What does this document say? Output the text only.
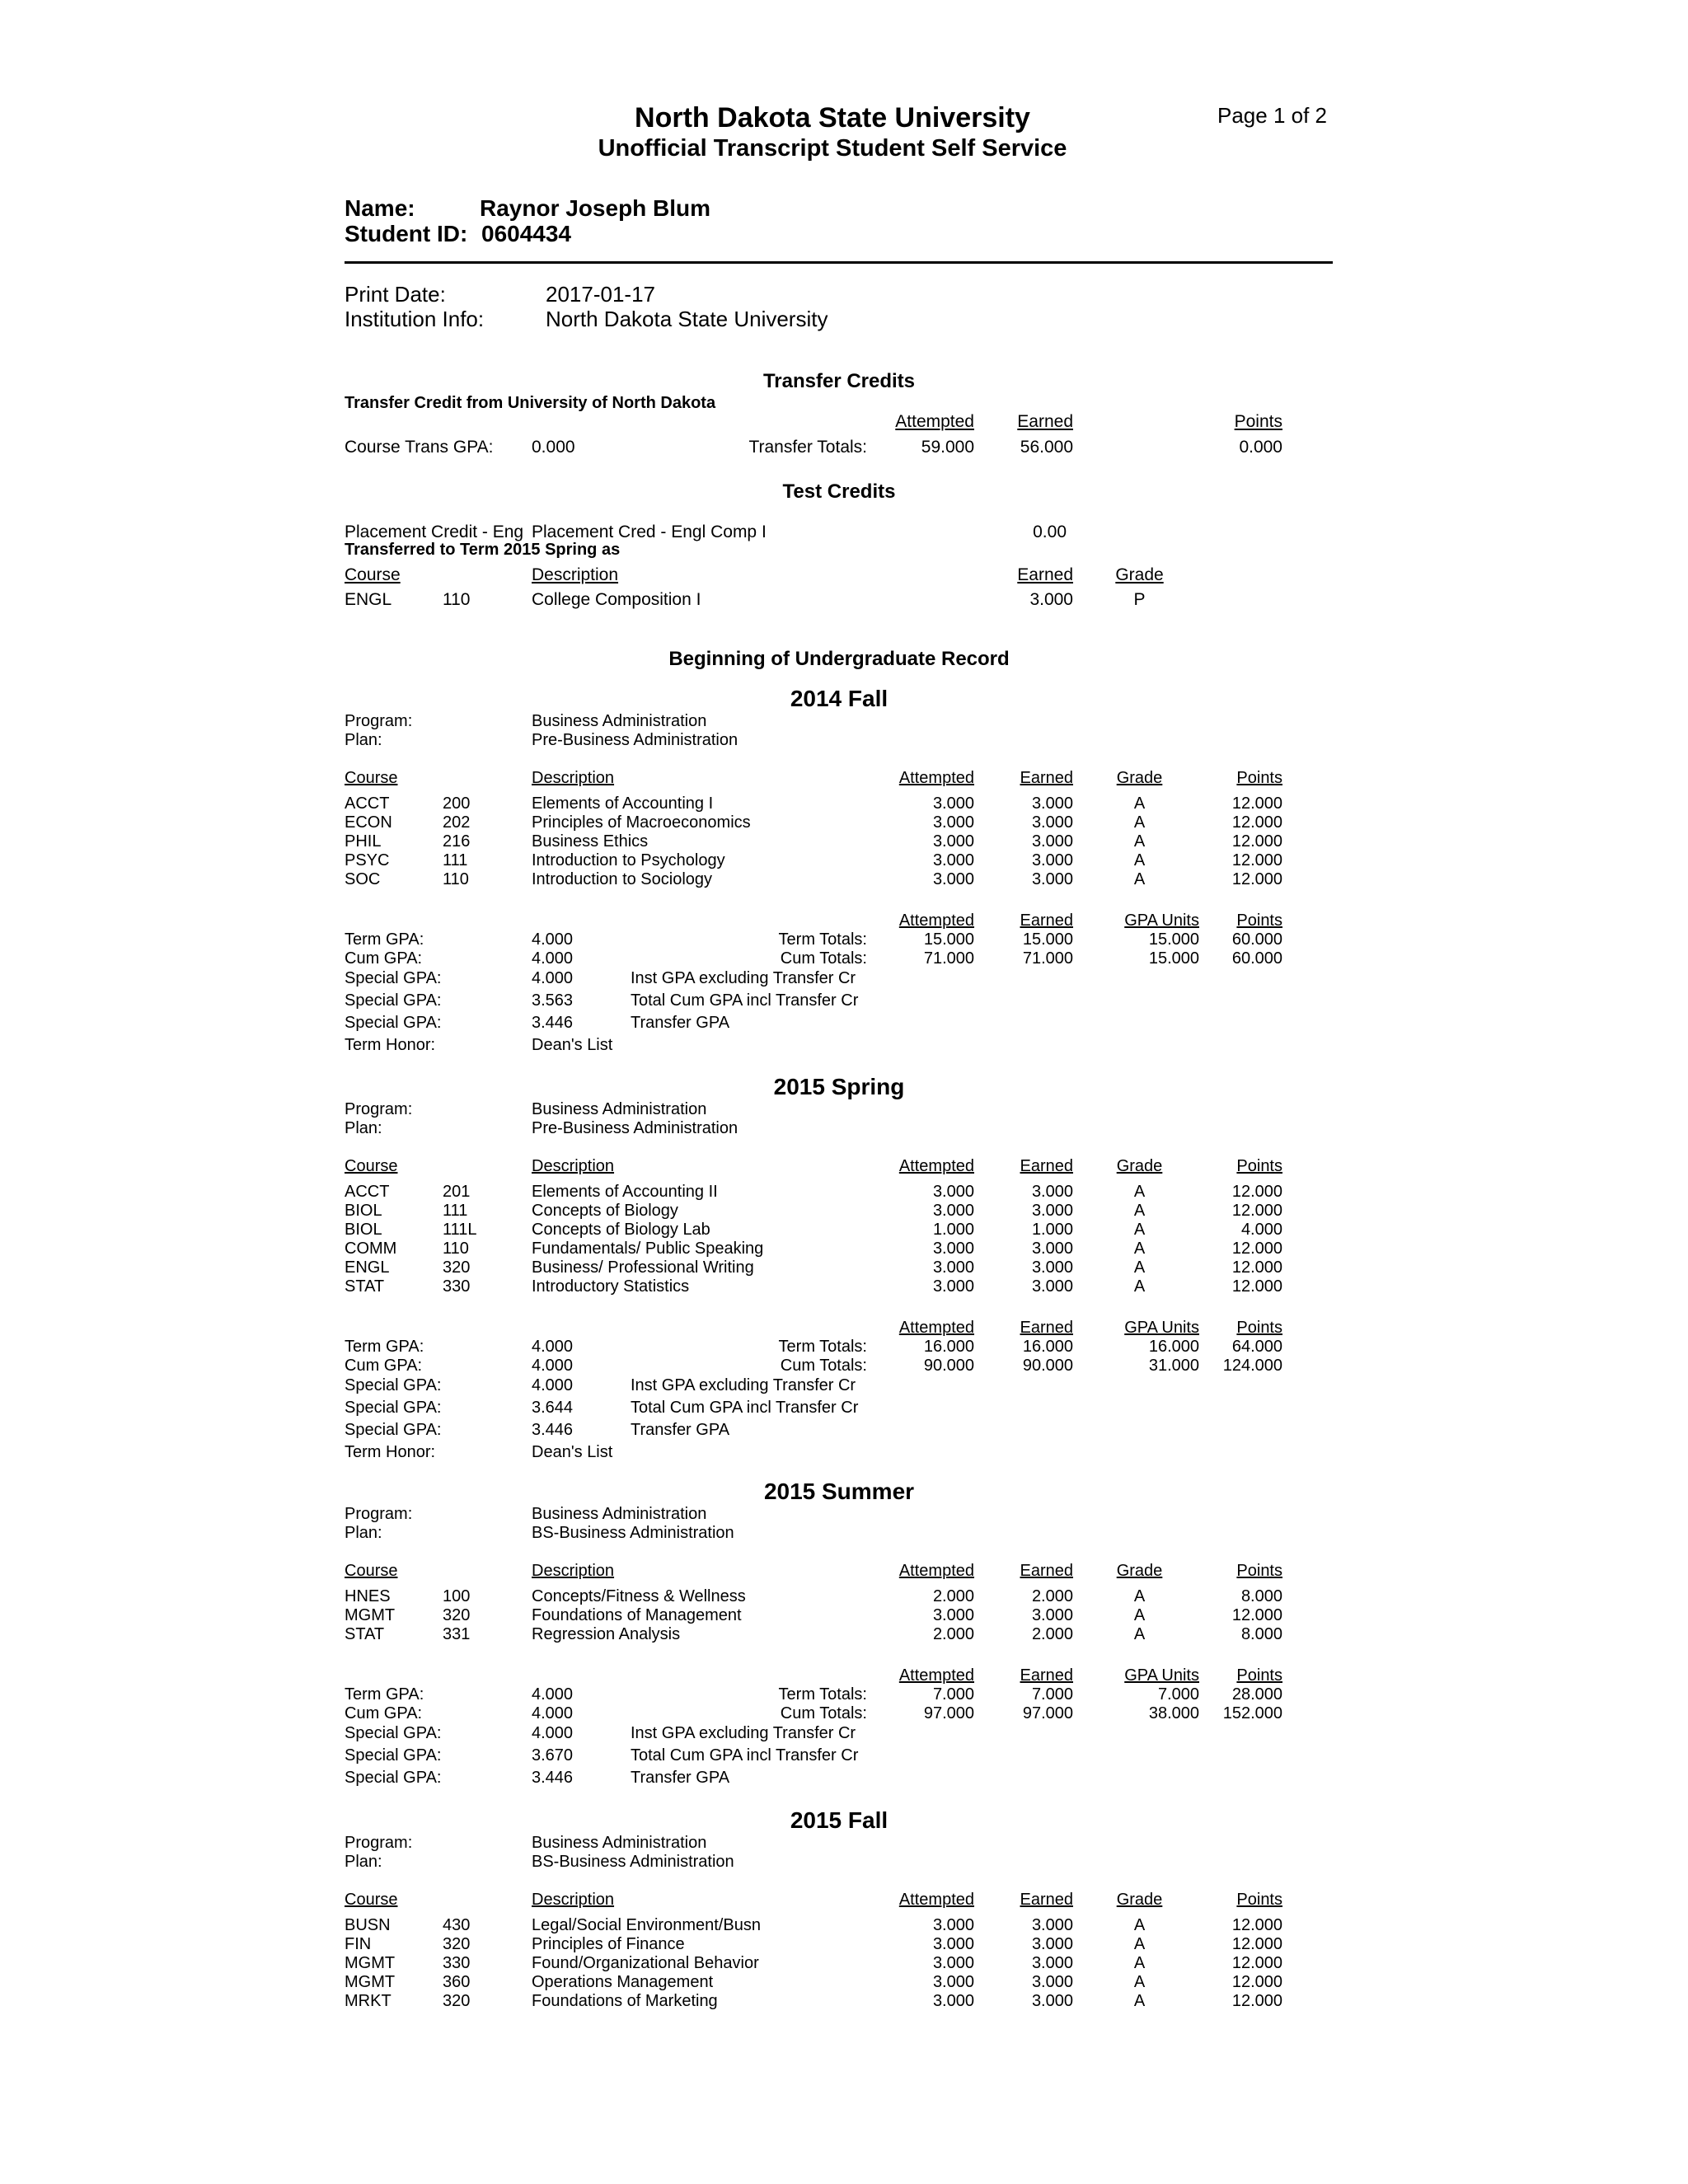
North Dakota State University
Unofficial Transcript Student Self Service
Page 1 of 2
Name:	Raynor Joseph Blum
Student ID: 0604434
Print Date:	2017-01-17
Institution Info:	North Dakota State University
Transfer Credits
Transfer Credit from University of North Dakota
Attempted	Earned	Points
Course Trans GPA: 0.000	Transfer Totals:	59.000	56.000	0.000
Test Credits
Placement Credit - Eng Placement Cred - Engl Comp I	0.00
Transferred to Term 2015 Spring as
Course	Description	Earned	Grade
ENGL	110	College Composition I	3.000	P
Beginning of Undergraduate Record
2014 Fall
Program:	Business Administration
Plan:	Pre-Business Administration
Course	Description	Attempted	Earned	Grade	Points
ACCT	200	Elements of Accounting I	3.000	3.000	A	12.000
ECON	202	Principles of Macroeconomics	3.000	3.000	A	12.000
PHIL	216	Business Ethics	3.000	3.000	A	12.000
PSYC	111	Introduction to Psychology	3.000	3.000	A	12.000
SOC	110	Introduction to Sociology	3.000	3.000	A	12.000
Attempted	Earned	GPA Units	Points
Term GPA:	4.000	Term Totals:	15.000	15.000	15.000	60.000
Cum GPA:	4.000	Cum Totals:	71.000	71.000	15.000	60.000
Special GPA:	4.000	Inst GPA excluding Transfer Cr
Special GPA:	3.563	Total Cum GPA incl Transfer Cr
Special GPA:	3.446	Transfer GPA
Term Honor:	Dean's List
2015 Spring
Program:	Business Administration
Plan:	Pre-Business Administration
Course	Description	Attempted	Earned	Grade	Points
ACCT	201	Elements of Accounting II	3.000	3.000	A	12.000
BIOL	111	Concepts of Biology	3.000	3.000	A	12.000
BIOL	111L	Concepts of Biology Lab	1.000	1.000	A	4.000
COMM	110	Fundamentals/ Public Speaking	3.000	3.000	A	12.000
ENGL	320	Business/ Professional Writing	3.000	3.000	A	12.000
STAT	330	Introductory Statistics	3.000	3.000	A	12.000
Attempted	Earned	GPA Units	Points
Term GPA:	4.000	Term Totals:	16.000	16.000	16.000	64.000
Cum GPA:	4.000	Cum Totals:	90.000	90.000	31.000	124.000
Special GPA:	4.000	Inst GPA excluding Transfer Cr
Special GPA:	3.644	Total Cum GPA incl Transfer Cr
Special GPA:	3.446	Transfer GPA
Term Honor:	Dean's List
2015 Summer
Program:	Business Administration
Plan:	BS-Business Administration
Course	Description	Attempted	Earned	Grade	Points
HNES	100	Concepts/Fitness & Wellness	2.000	2.000	A	8.000
MGMT	320	Foundations of Management	3.000	3.000	A	12.000
STAT	331	Regression Analysis	2.000	2.000	A	8.000
Attempted	Earned	GPA Units	Points
Term GPA:	4.000	Term Totals:	7.000	7.000	7.000	28.000
Cum GPA:	4.000	Cum Totals:	97.000	97.000	38.000	152.000
Special GPA:	4.000	Inst GPA excluding Transfer Cr
Special GPA:	3.670	Total Cum GPA incl Transfer Cr
Special GPA:	3.446	Transfer GPA
2015 Fall
Program:	Business Administration
Plan:	BS-Business Administration
Course	Description	Attempted	Earned	Grade	Points
BUSN	430	Legal/Social Environment/Busn	3.000	3.000	A	12.000
FIN	320	Principles of Finance	3.000	3.000	A	12.000
MGMT	330	Found/Organizational Behavior	3.000	3.000	A	12.000
MGMT	360	Operations Management	3.000	3.000	A	12.000
MRKT	320	Foundations of Marketing	3.000	3.000	A	12.000
